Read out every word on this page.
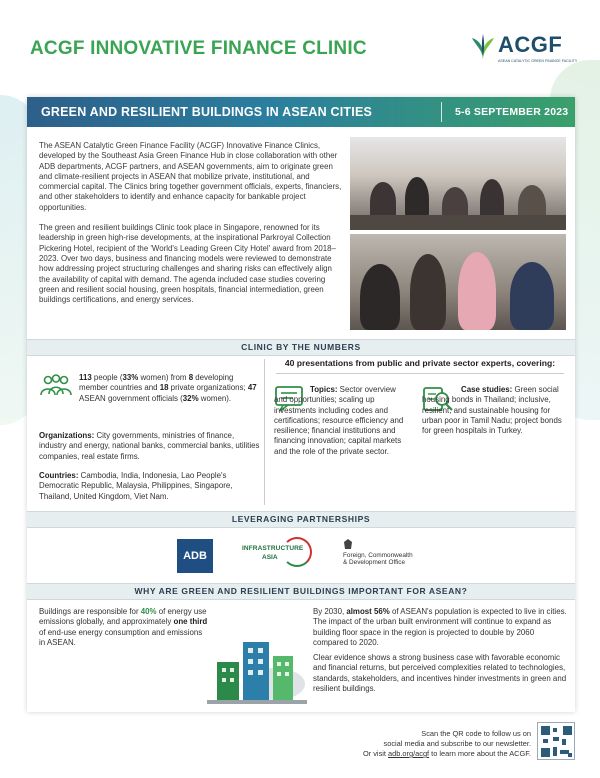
ACGF INNOVATIVE FINANCE CLINIC	ACGF
ASEAN CATALYTIC GREEN FINANCE FACILITY
GREEN AND RESILIENT BUILDINGS IN ASEAN CITIES	5-6 SEPTEMBER 2023

The ASEAN Catalytic Green Finance Facility (ACGF) Innovative Finance Clinics, developed by the Southeast Asia Green Finance Hub in close collaboration with other ADB departments, ACGF partners, and ASEAN governments, aim to originate green and climate-resilient projects in ASEAN that mobilize private, institutional, and commercial capital. The Clinics bring together government officials, experts, financiers, and other stakeholders to identify and enhance capacity for bankable project opportunities.

The green and resilient buildings Clinic took place in Singapore, renowned for its leadership in green high-rise developments, at the inspirational Parkroyal Collection Pickering Hotel, recipient of the 'World's Leading Green City Hotel' award from 2018–2023. Over two days, business and financing models were reviewed to demonstrate how addressing project structuring challenges and sharing risks can effectively align the availability of capital with demand. The agenda included case studies covering green and resilient social housing, green hospitals, financial intermediation, green buildings certifications, and energy services.

CLINIC BY THE NUMBERS
113 people (33% women) from 8 developing member countries and 18 private organizations; 47 ASEAN government officials (32% women).
Organizations: City governments, ministries of finance, industry and energy, national banks, commercial banks, utilities companies, real estate firms.
Countries: Cambodia, India, Indonesia, Lao People's Democratic Republic, Malaysia, Philippines, Singapore, Thailand, United Kingdom, Viet Nam.
40 presentations from public and private sector experts, covering:
Topics: Sector overview and opportunities; scaling up investments including codes and certifications; resource efficiency and resilience; financial institutions and financing innovation; capital markets and the role of the private sector.
Case studies: Green social housing bonds in Thailand; inclusive, resilient, and sustainable housing for urban poor in Tamil Nadu; project bonds for green hospitals in Turkey.
LEVERAGING PARTNERSHIPS
ADB
INFRASTRUCTURE
ASIA	Foreign, Commonwealth
& Development Office
WHY ARE GREEN AND RESILIENT BUILDINGS IMPORTANT FOR ASEAN?
Buildings are responsible for 40% of energy use emissions globally, and approximately one third of end-use energy consumption and emissions in ASEAN.

By 2030, almost 56% of ASEAN's population is expected to live in cities. The impact of the urban built environment will continue to expand as building floor space in the region is projected to double by 2060 compared to 2020.

Clear evidence shows a strong business case with favorable economic and financial returns, but perceived complexities related to technologies, standards, stakeholders, and incentives hinder investments in green and resilient buildings.

Scan the QR code to follow us on
social media and subscribe to our newsletter.
Or visit adb.org/acgf to learn more about the ACGF.
